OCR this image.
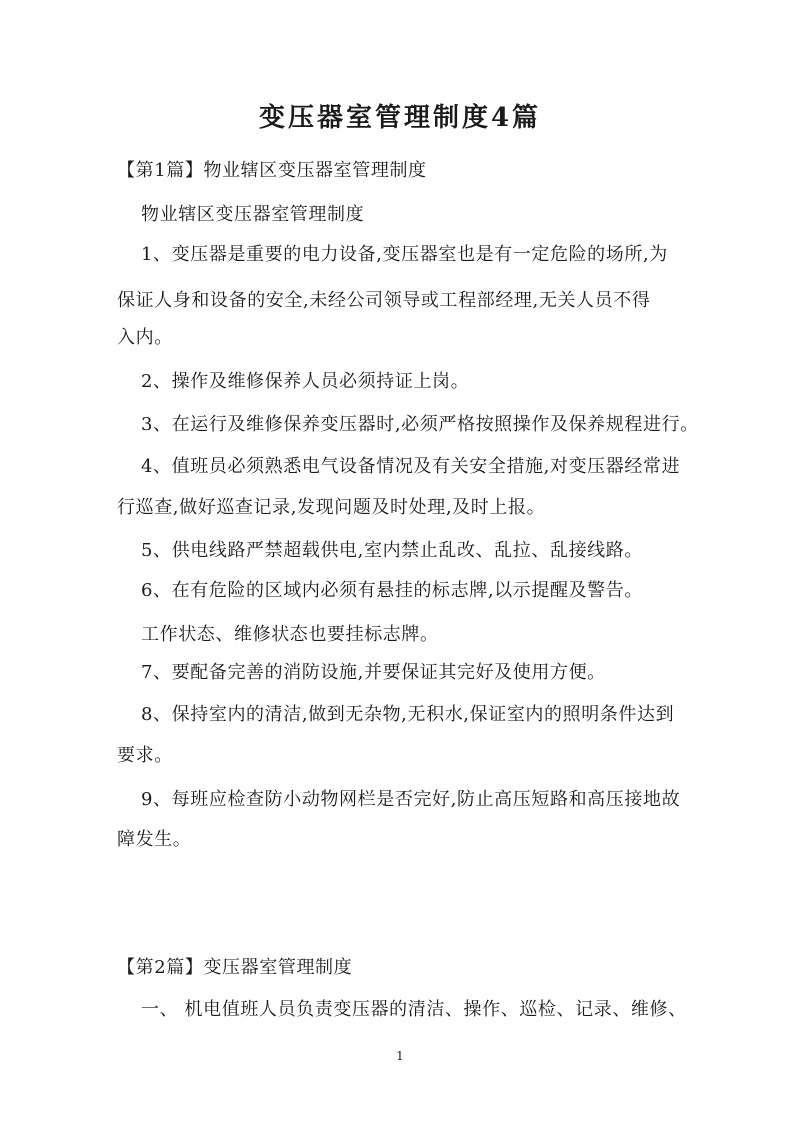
变压器室管理制度4篇
【第1篇】物业辖区变压器室管理制度
物业辖区变压器室管理制度
1、变压器是重要的电力设备,变压器室也是有一定危险的场所,为
保证人身和设备的安全,未经公司领导或工程部经理,无关人员不得
入内。
2、操作及维修保养人员必须持证上岗。
3、在运行及维修保养变压器时,必须严格按照操作及保养规程进行。
4、值班员必须熟悉电气设备情况及有关安全措施,对变压器经常进
行巡查,做好巡查记录,发现问题及时处理,及时上报。
5、供电线路严禁超载供电,室内禁止乱改、乱拉、乱接线路。
6、在有危险的区域内必须有悬挂的标志牌,以示提醒及警告。
工作状态、维修状态也要挂标志牌。
7、要配备完善的消防设施,并要保证其完好及使用方便。
8、保持室内的清洁,做到无杂物,无积水,保证室内的照明条件达到
要求。
9、每班应检查防小动物网栏是否完好,防止高压短路和高压接地故
障发生。
【第2篇】变压器室管理制度
一、 机电值班人员负责变压器的清洁、操作、巡检、记录、维修、
1
